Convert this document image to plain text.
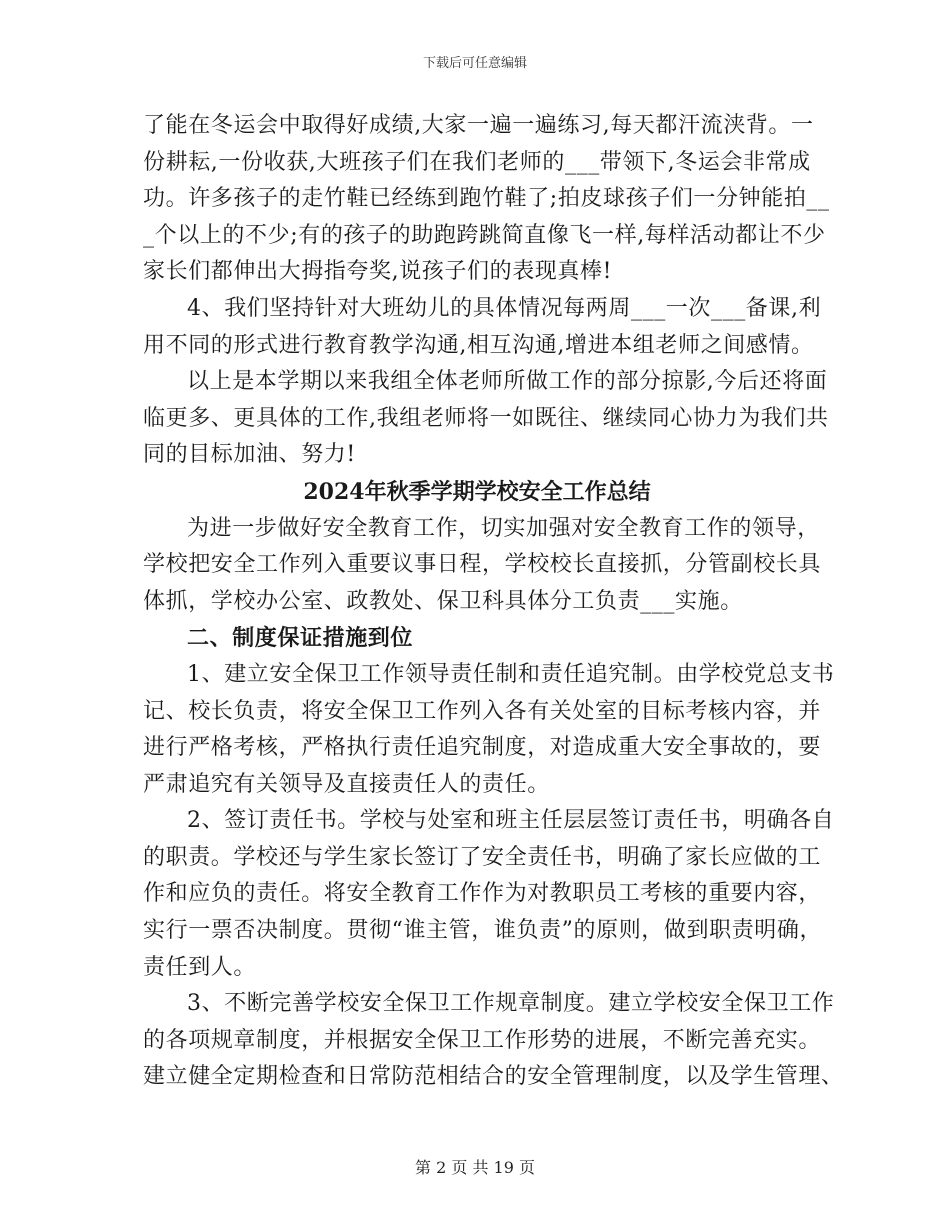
下载后可任意编辑
了能在冬运会中取得好成绩,大家一遍一遍练习,每天都汗流浃背。一
份耕耘,一份收获,大班孩子们在我们老师的___带领下,冬运会非常成
功。许多孩子的走竹鞋已经练到跑竹鞋了;拍皮球孩子们一分钟能拍__
_个以上的不少;有的孩子的助跑跨跳简直像飞一样,每样活动都让不少
家长们都伸出大拇指夸奖,说孩子们的表现真棒!
4、我们坚持针对大班幼儿的具体情况每两周___一次___备课,利
用不同的形式进行教育教学沟通,相互沟通,增进本组老师之间感情。
以上是本学期以来我组全体老师所做工作的部分掠影,今后还将面
临更多、更具体的工作,我组老师将一如既往、继续同心协力为我们共
同的目标加油、努力!
2024年秋季学期学校安全工作总结
为进一步做好安全教育工作，切实加强对安全教育工作的领导，
学校把安全工作列入重要议事日程，学校校长直接抓，分管副校长具
体抓，学校办公室、政教处、保卫科具体分工负责___实施。
二、制度保证措施到位
1、建立安全保卫工作领导责任制和责任追究制。由学校党总支书
记、校长负责，将安全保卫工作列入各有关处室的目标考核内容，并
进行严格考核，严格执行责任追究制度，对造成重大安全事故的，要
严肃追究有关领导及直接责任人的责任。
2、签订责任书。学校与处室和班主任层层签订责任书，明确各自
的职责。学校还与学生家长签订了安全责任书，明确了家长应做的工
作和应负的责任。将安全教育工作作为对教职员工考核的重要内容，
实行一票否决制度。贯彻“谁主管，谁负责”的原则，做到职责明确，
责任到人。
3、不断完善学校安全保卫工作规章制度。建立学校安全保卫工作
的各项规章制度，并根据安全保卫工作形势的进展，不断完善充实。
建立健全定期检查和日常防范相结合的安全管理制度，以及学生管理、
第 2 页 共 19 页
